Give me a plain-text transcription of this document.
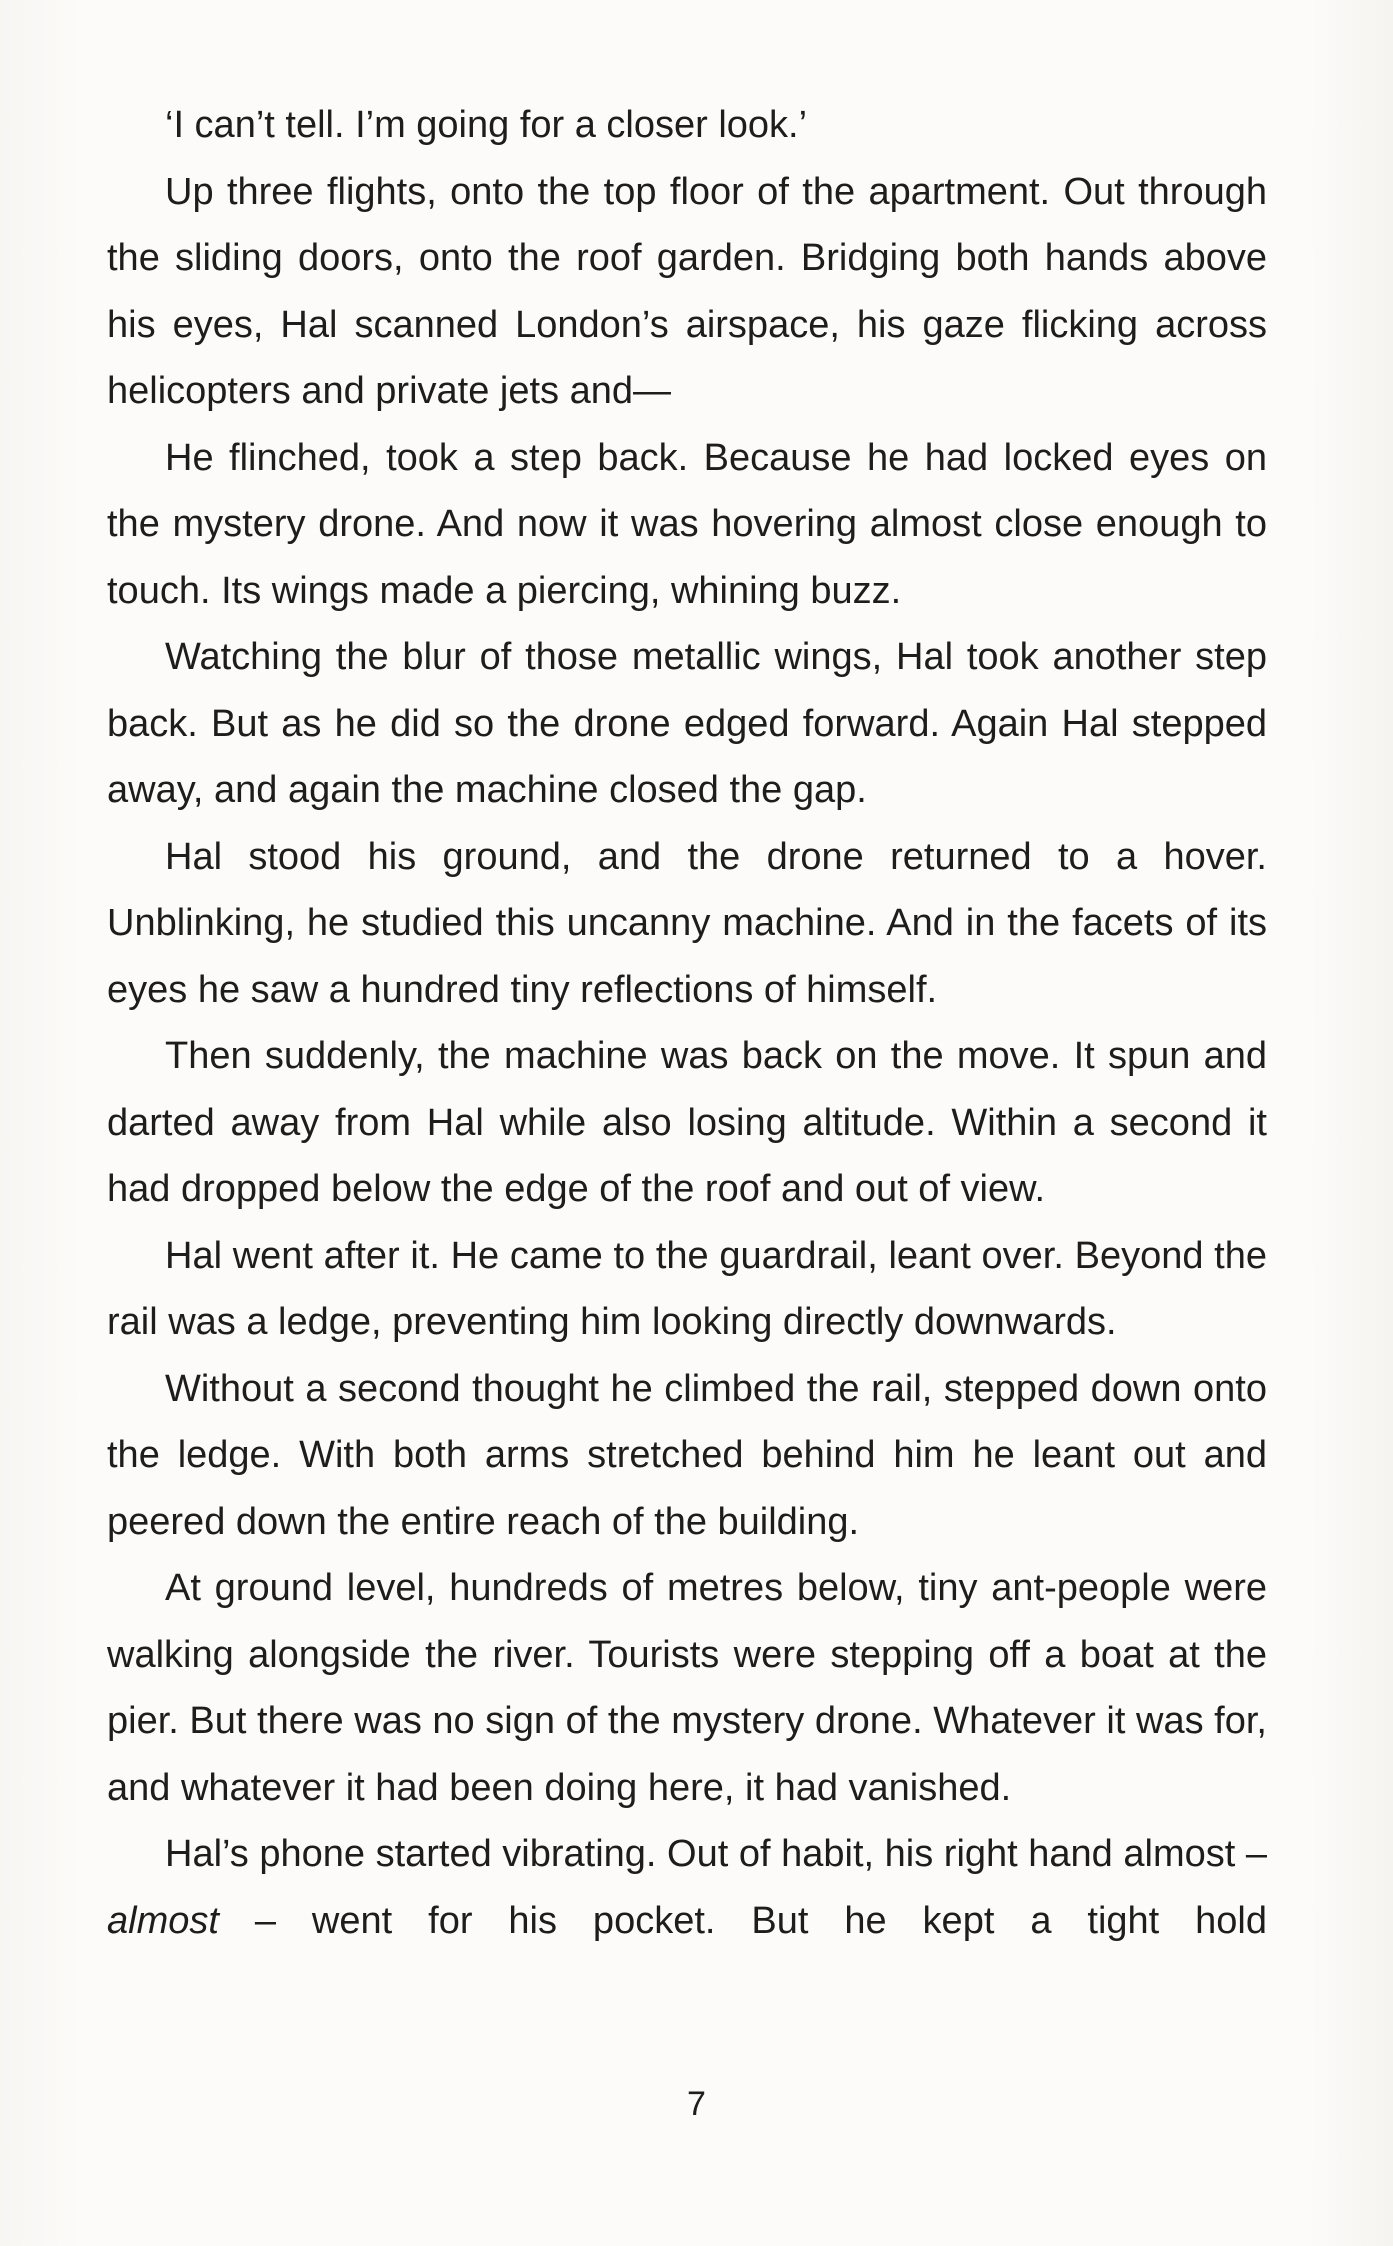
‘I can’t tell. I’m going for a closer look.’

Up three flights, onto the top floor of the apartment. Out through the sliding doors, onto the roof garden. Bridging both hands above his eyes, Hal scanned London’s airspace, his gaze flicking across helicopters and private jets and—

He flinched, took a step back. Because he had locked eyes on the mystery drone. And now it was hovering almost close enough to touch. Its wings made a piercing, whining buzz.

Watching the blur of those metallic wings, Hal took another step back. But as he did so the drone edged forward. Again Hal stepped away, and again the machine closed the gap.

Hal stood his ground, and the drone returned to a hover. Unblinking, he studied this uncanny machine. And in the facets of its eyes he saw a hundred tiny reflections of himself.

Then suddenly, the machine was back on the move. It spun and darted away from Hal while also losing altitude. Within a second it had dropped below the edge of the roof and out of view.

Hal went after it. He came to the guardrail, leant over. Beyond the rail was a ledge, preventing him looking directly downwards.

Without a second thought he climbed the rail, stepped down onto the ledge. With both arms stretched behind him he leant out and peered down the entire reach of the building.

At ground level, hundreds of metres below, tiny ant-people were walking alongside the river. Tourists were stepping off a boat at the pier. But there was no sign of the mystery drone. Whatever it was for, and whatever it had been doing here, it had vanished.

Hal’s phone started vibrating. Out of habit, his right hand almost – almost – went for his pocket. But he kept a tight hold

7
